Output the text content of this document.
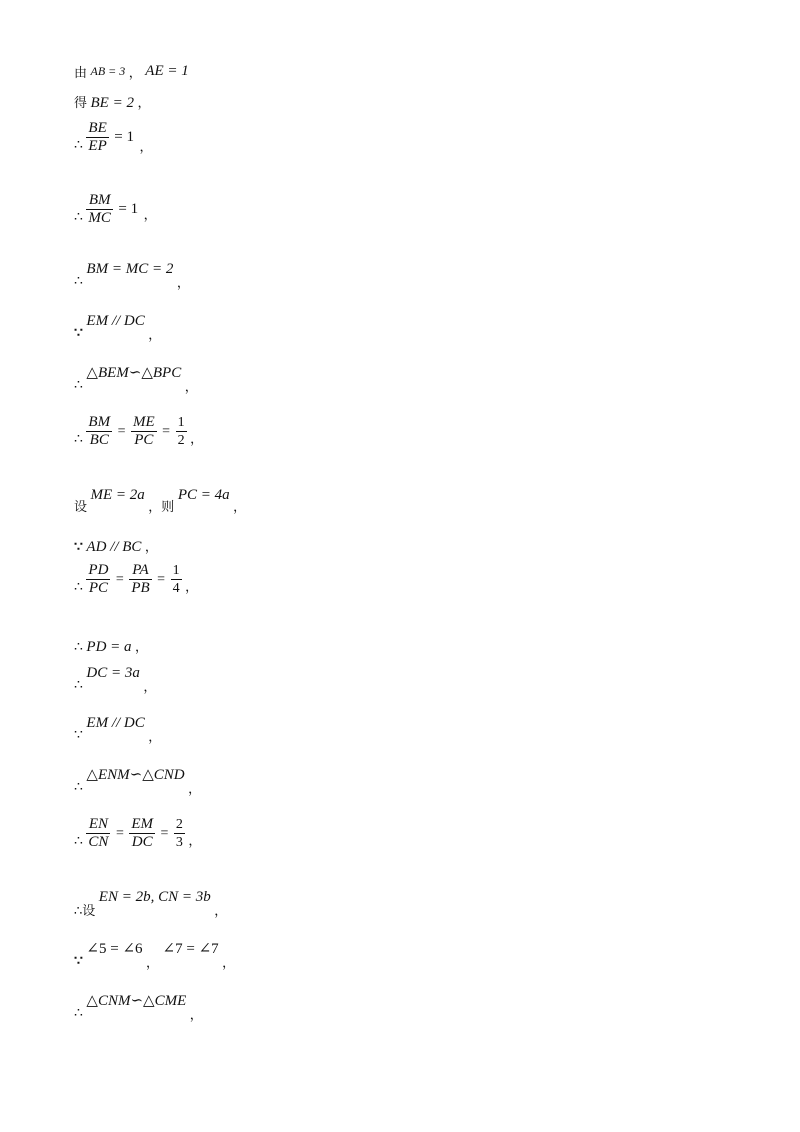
由 AB = 3 ， AE = 1
得 BE = 2 ，
∴ $\frac{BE}{EP} = 1$ ，
∴ $\frac{BM}{MC} = 1$ ，
∴ BM = MC = 2 ，
∵ EM // DC ，
∴ △BEM∽△BPC ，
∴ $\frac{BM}{BC} = \frac{ME}{PC} = \frac{1}{2}$ ，
设 ME = 2a ，则 PC = 4a ，
∵ AD // BC ，
∴ $\frac{PD}{PC} = \frac{PA}{PB} = \frac{1}{4}$ ，
∴ PD = a ，
∴ DC = 3a ，
∵ EM // DC ，
∴ △ENM∽△CND ，
∴ $\frac{EN}{CN} = \frac{EM}{DC} = \frac{2}{3}$ ，
∴设 EN = 2b, CN = 3b ，
∵ ∠5 = ∠6 ， ∠7 = ∠7 ，
∴ △CNM∽△CME ，
